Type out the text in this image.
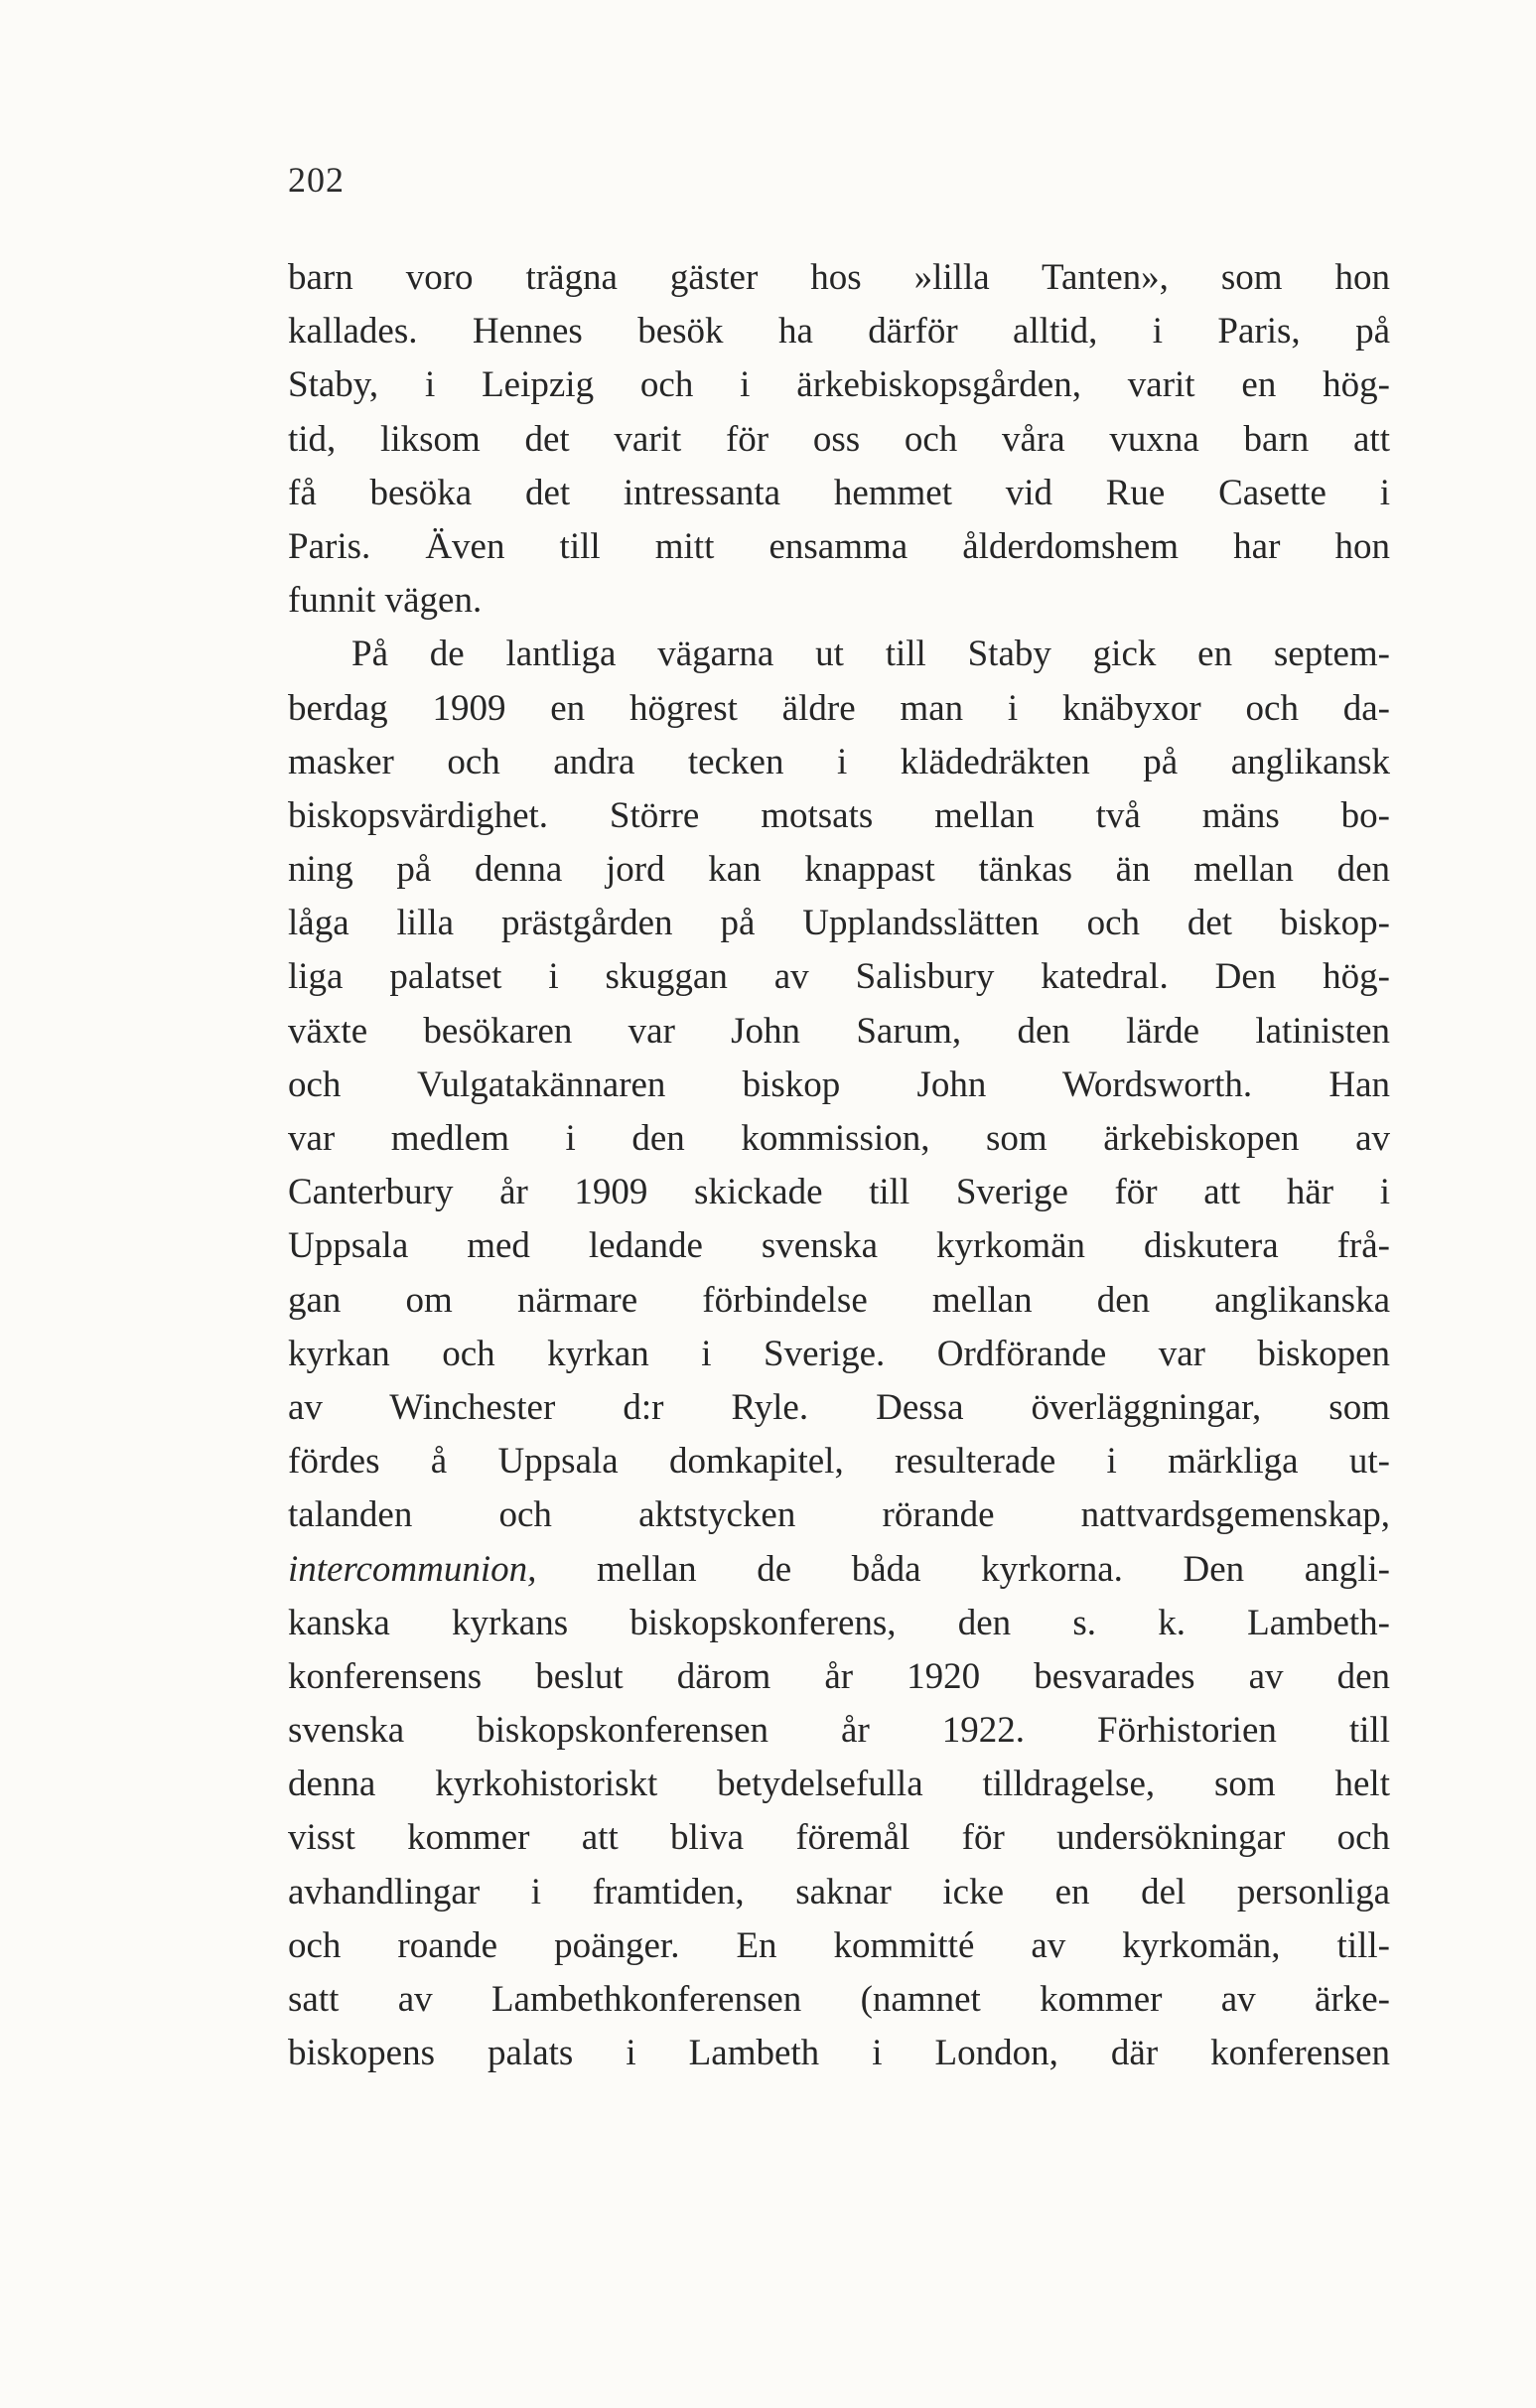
202
barn voro trägna gäster hos »lilla Tanten», som hon
kallades. Hennes besök ha därför alltid, i Paris, på
Staby, i Leipzig och i ärkebiskopsgården, varit en hög-
tid, liksom det varit för oss och våra vuxna barn att
få besöka det intressanta hemmet vid Rue Casette i
Paris. Även till mitt ensamma ålderdomshem har hon
funnit vägen.
På de lantliga vägarna ut till Staby gick en septem-
berdag 1909 en högrest äldre man i knäbyxor och da-
masker och andra tecken i klädedräkten på anglikansk
biskopsvärdighet. Större motsats mellan två mäns bo-
ning på denna jord kan knappast tänkas än mellan den
låga lilla prästgården på Upplandsslätten och det biskop-
liga palatset i skuggan av Salisbury katedral. Den hög-
växte besökaren var John Sarum, den lärde latinisten
och Vulgatakännaren biskop John Wordsworth. Han
var medlem i den kommission, som ärkebiskopen av
Canterbury år 1909 skickade till Sverige för att här i
Uppsala med ledande svenska kyrkomän diskutera frå-
gan om närmare förbindelse mellan den anglikanska
kyrkan och kyrkan i Sverige. Ordförande var biskopen
av Winchester d:r Ryle. Dessa överläggningar, som
fördes å Uppsala domkapitel, resulterade i märkliga ut-
talanden och aktstycken rörande nattvardsgemenskap,
intercommunion, mellan de båda kyrkorna. Den angli-
kanska kyrkans biskopskonferens, den s. k. Lambeth-
konferensens beslut därom år 1920 besvarades av den
svenska biskopskonferensen år 1922. Förhistorien till
denna kyrkohistoriskt betydelsefulla tilldragelse, som helt
visst kommer att bliva föremål för undersökningar och
avhandlingar i framtiden, saknar icke en del personliga
och roande poänger. En kommitté av kyrkomän, till-
satt av Lambethkonferensen (namnet kommer av ärke-
biskopens palats i Lambeth i London, där konferensen
